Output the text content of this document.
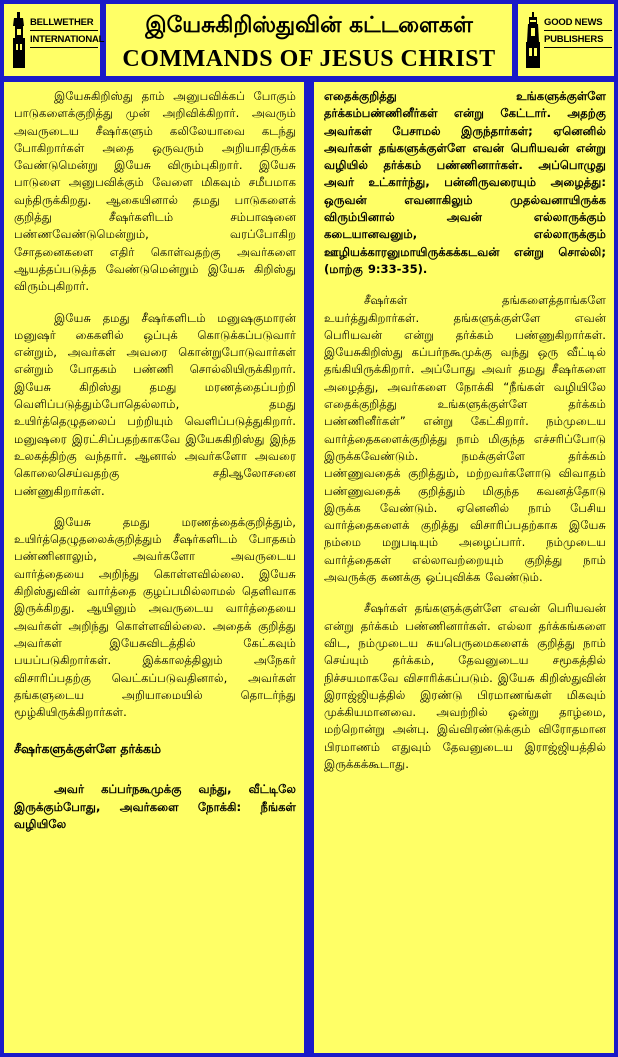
BELLWETHER
INTERNATIONAL
இயேசுகிறிஸ்துவின் கட்டளைகள்
COMMANDS OF JESUS CHRIST
GOOD NEWS
PUBLISHERS

இயேசுகிறிஸ்து தாம் அனுபவிக்கப் போகும் பாடுகளைக்குறித்து முன் அறிவிக்கிறார். அவரும் அவருடைய சீஷர்களும் கலிலேயாவை கடந்து போகிறார்கள் அதை ஒருவரும் அறியாதிருக்க வேண்டுமென்று இயேசு விரும்புகிறார். இயேசு பாடுளை அனுபவிக்கும் வேளை மிகவும் சமீபமாக வந்திருக்கிறது. ஆகையினால் தமது பாடுகளைக் குறித்து சீஷர்களிடம் சம்பாஷனை பண்ணவேண்டுமென்றும், வரப்போகிற சோதனைகளை எதிர் கொள்வதற்கு அவர்களை ஆயத்தப்படுத்த வேண்டுமென்றும் இயேசு கிறிஸ்து விரும்புகிறார்.

இயேசு தமது சீஷர்களிடம் மனுஷகுமாரன் மனுஷர் கைகளில் ஒப்புக் கொடுக்கப்படுவார் என்றும், அவர்கள் அவரை கொன்றுபோடுவார்கள் என்றும் போதகம் பண்ணி சொல்லியிருக்கிறார். இயேசு கிறிஸ்து தமது மரணத்தைப்பற்றி வெளிப்படுத்தும்போதெல்லாம், தமது உயிர்த்தெழுதலைப் பற்றியும் வெளிப்படுத்துகிறார். மனுஷரை இரட்சிப்பதற்காகவே இயேசுகிறிஸ்து இந்த உலகத்திற்கு வந்தார். ஆனால் அவர்களோ அவரை கொலைசெய்வதற்கு சதிஆலோசனை பண்ணுகிறார்கள்.

இயேசு தமது மரணத்தைக்குறித்தும், உயிர்த்தெழுதலைக்குறித்தும் சீஷர்களிடம் போதகம் பண்ணினாலும், அவர்களோ அவருடைய வார்த்தையை அறிந்து கொள்ளவில்லை. இயேசு கிறிஸ்துவின் வார்த்தை குழப்பமில்லாமல் தெளிவாக இருக்கிறது. ஆயினும் அவருடைய வார்த்தையை அவர்கள் அறிந்து கொள்ளவில்லை. அதைக் குறித்து அவர்கள் இயேசுவிடத்தில் கேட்கவும் பயப்படுகிறார்கள். இக்காலத்திலும் அநேகர் விசாரிப்பதற்கு வெட்கப்படுவதினால், அவர்கள் தங்களுடைய அறியாமையில் தொடர்ந்து மூழ்கியிருக்கிறார்கள்.

சீஷர்களுக்குள்ளே தர்க்கம்

அவர் கப்பர்நகூமுக்கு வந்து, வீட்டிலே இருக்கும்போது, அவர்களை நோக்கி: நீங்கள் வழியிலே

எதைக்குறித்து உங்களுக்குள்ளே தர்க்கம்பண்ணினீர்கள் என்று கேட்டார். அதற்கு அவர்கள் பேசாமல் இருந்தார்கள்; ஏனெனில் அவர்கள் தங்களுக்குள்ளே எவன் பெரியவன் என்று வழியில் தர்க்கம் பண்ணினார்கள். அப்பொழுது அவர் உட்கார்ந்து, பன்னிருவரையும் அழைத்து: ஒருவன் எவனாகிலும் முதல்வனாயிருக்க விரும்பினால் அவன் எல்லாருக்கும் கடையானவனும், எல்லாருக்கும் ஊழியக்காரனுமாயிருக்கக்கடவன் என்று சொல்லி; (மாற்கு 9:33-35).

சீஷர்கள் தங்களைத்தாங்களே உயர்த்துகிறார்கள். தங்களுக்குள்ளே எவன் பெரியவன் என்று தர்க்கம் பண்ணுகிறார்கள். இயேசுகிறிஸ்து கப்பர்நகூமுக்கு வந்து ஒரு வீட்டில் தங்கியிருக்கிறார். அப்போது அவர் தமது சீஷர்களை அழைத்து, அவர்களை நோக்கி “நீங்கள் வழியிலே எதைக்குறித்து உங்களுக்குள்ளே தர்க்கம் பண்ணினீர்கள்” என்று கேட்கிறார். நம்முடைய வார்த்தைகளைக்குறித்து நாம் மிகுந்த எச்சரிப்போடு இருக்கவேண்டும். நமக்குள்ளே தர்க்கம் பண்ணுவதைக் குறித்தும், மற்றவர்களோடு விவாதம் பண்ணுவதைக் குறித்தும் மிகுந்த கவனத்தோடு இருக்க வேண்டும். ஏனெனில் நாம் பேசிய வார்த்தைகளைக் குறித்து விசாரிப்பதற்காக இயேசு நம்மை மறுபடியும் அழைப்பார். நம்முடைய வார்த்தைகள் எல்லாவற்றையும் குறித்து நாம் அவருக்கு கணக்கு ஒப்புவிக்க வேண்டும்.

சீஷர்கள் தங்களுக்குள்ளே எவன் பெரியவன் என்று தர்க்கம் பண்ணினார்கள். எல்லா தர்க்கங்களை விட, நம்முடைய சுயபெருமைகளைக் குறித்து நாம் செய்யும் தர்க்கம், தேவனுடைய சமூகத்தில் நிச்சயமாகவே விசாரிக்கப்படும். இயேசு கிறிஸ்துவின் இராஜ்ஜியத்தில் இரண்டு பிரமாணங்கள் மிகவும் முக்கியமானவை. அவற்றில் ஒன்று தாழ்மை, மற்றொன்று அன்பு. இவ்விரண்டுக்கும் விரோதமான பிரமாணம் எதுவும் தேவனுடைய இராஜ்ஜியத்தில் இருக்கக்கூடாது.
